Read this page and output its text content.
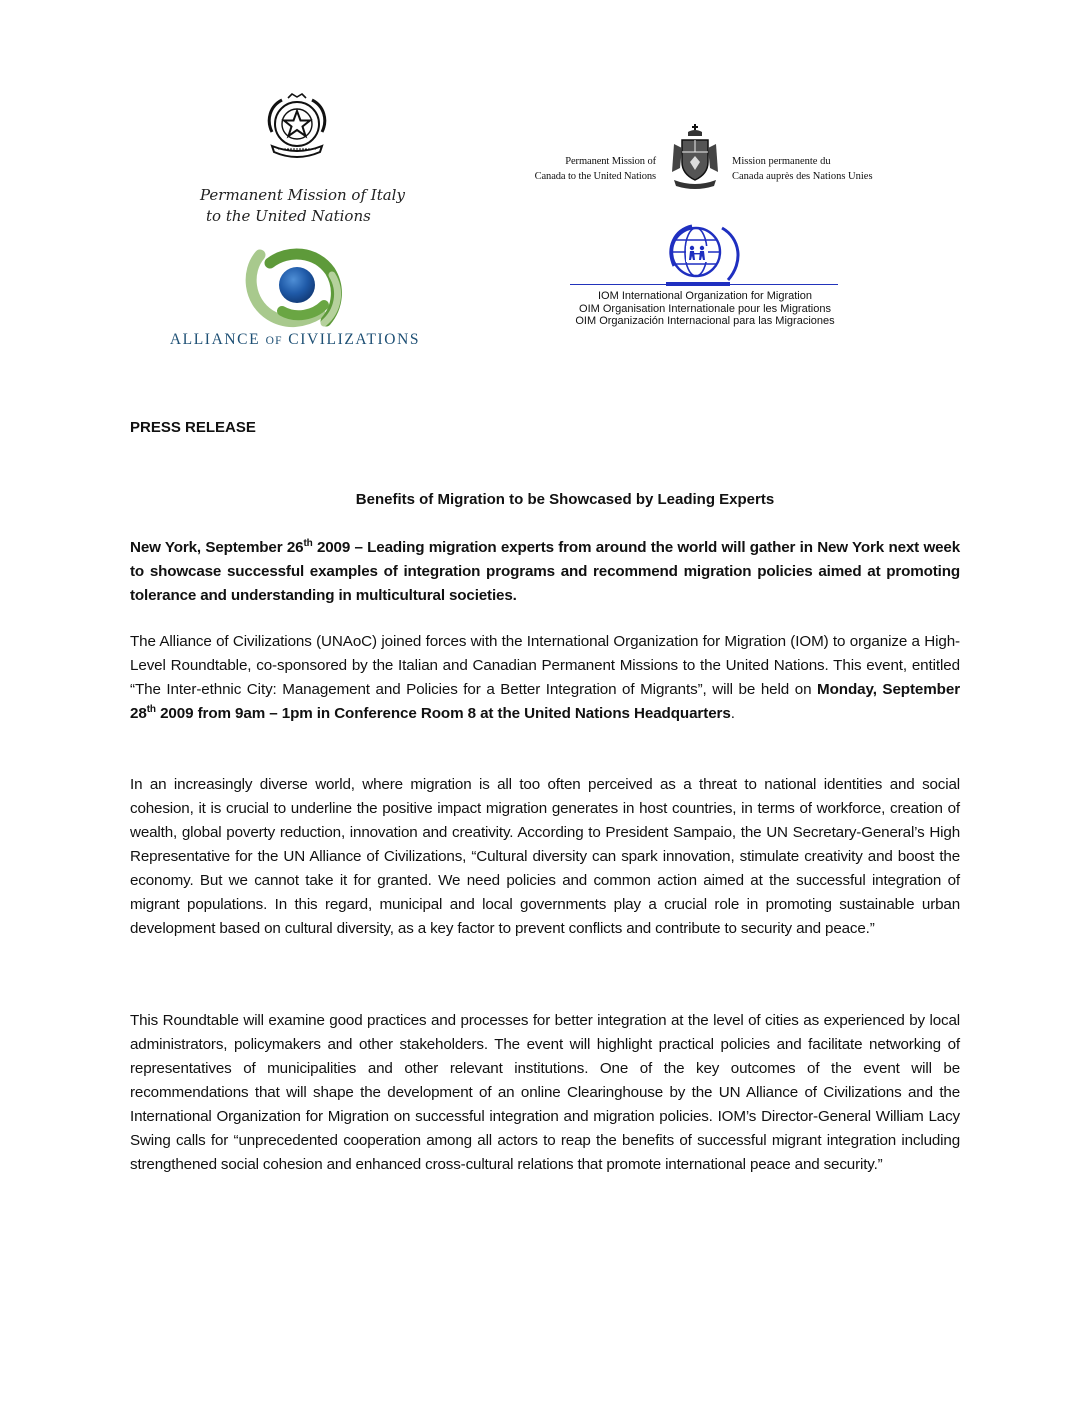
Permanent Mission of Italy
to the United Nations
Permanent Mission of
Canada to the United Nations
Mission permanente du
Canada auprès des Nations Unies
ALLIANCE OF CIVILIZATIONS
IOM International Organization for Migration
OIM Organisation Internationale pour les Migrations
OIM Organización Internacional para las Migraciones
PRESS RELEASE
Benefits of Migration to be Showcased by Leading Experts
New York, September 26th 2009 – Leading migration experts from around the world will gather in New York next week to showcase successful examples of integration programs and recommend migration policies aimed at promoting tolerance and understanding in multicultural societies.
The Alliance of Civilizations (UNAoC) joined forces with the International Organization for Migration (IOM) to organize a High-Level Roundtable, co-sponsored by the Italian and Canadian Permanent Missions to the United Nations. This event, entitled “The Inter-ethnic City: Management and Policies for a Better Integration of Migrants”, will be held on Monday, September 28th 2009 from 9am – 1pm in Conference Room 8 at the United Nations Headquarters.
In an increasingly diverse world, where migration is all too often perceived as a threat to national identities and social cohesion, it is crucial to underline the positive impact migration generates in host countries, in terms of workforce, creation of wealth, global poverty reduction, innovation and creativity. According to President Sampaio, the UN Secretary-General’s High Representative for the UN Alliance of Civilizations, “Cultural diversity can spark innovation, stimulate creativity and boost the economy. But we cannot take it for granted. We need policies and common action aimed at the successful integration of migrant populations. In this regard, municipal and local governments play a crucial role in promoting sustainable urban development based on cultural diversity, as a key factor to prevent conflicts and contribute to security and peace.”
This Roundtable will examine good practices and processes for better integration at the level of cities as experienced by local administrators, policymakers and other stakeholders. The event will highlight practical policies and facilitate networking of representatives of municipalities and other relevant institutions. One of the key outcomes of the event will be recommendations that will shape the development of an online Clearinghouse by the UN Alliance of Civilizations and the International Organization for Migration on successful integration and migration policies. IOM’s Director-General William Lacy Swing calls for “unprecedented cooperation among all actors to reap the benefits of successful migrant integration including strengthened social cohesion and enhanced cross-cultural relations that promote international peace and security.”
